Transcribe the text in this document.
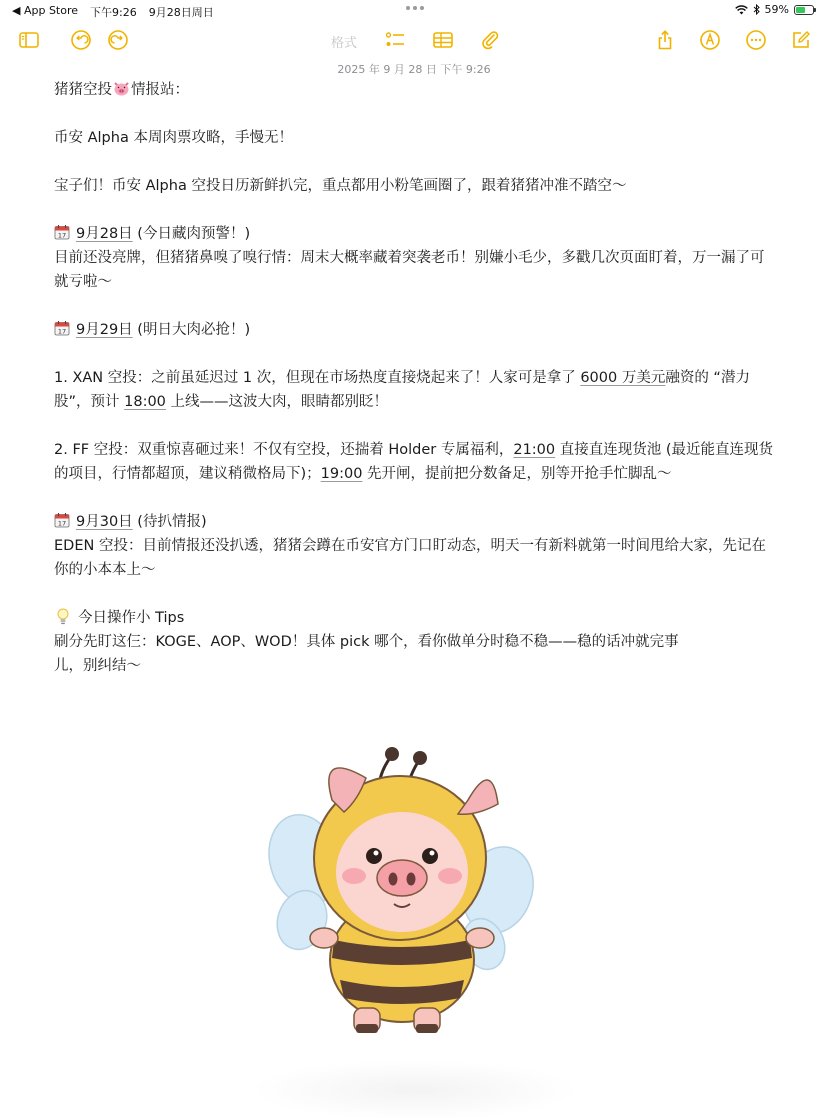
◀ App Store 下午9:26 9月28日周日	59%
格式
2025 年 9 月 28 日 下午 9:26

猪猪空投 情报站：

币安 Alpha 本周肉票攻略，手慢无！

宝子们！币安 Alpha 空投日历新鲜扒完，重点都用小粉笔画圈了，跟着猪猪冲准不踏空～

17 9月28日 (今日藏肉预警！)

目前还没亮牌，但猪猪鼻嗅了嗅行情：周末大概率藏着突袭老币！别嫌小毛少，多戳几次页面盯着，万一漏了可就亏啦～

17 9月29日 (明日大肉必抢！)

1. XAN 空投：之前虽延迟过 1 次，但现在市场热度直接烧起来了！人家可是拿了 6000 万美元融资的 “潜力股”，预计 18:00 上线——这波大肉，眼睛都别眨！

2. FF 空投：双重惊喜砸过来！不仅有空投，还揣着 Holder 专属福利，21:00 直接直连现货池 (最近能直连现货的项目，行情都超顶，建议稍微格局下)；19:00 先开闸，提前把分数备足，别等开抢手忙脚乱～

17 9月30日 (待扒情报)

EDEN 空投：目前情报还没扒透，猪猪会蹲在币安官方门口盯动态，明天一有新料就第一时间甩给大家，先记在你的小本本上～

今日操作小 Tips

刷分先盯这仨：KOGE、AOP、WOD！具体 pick 哪个，看你做单分时稳不稳——稳的话冲就完事

儿，别纠结～
